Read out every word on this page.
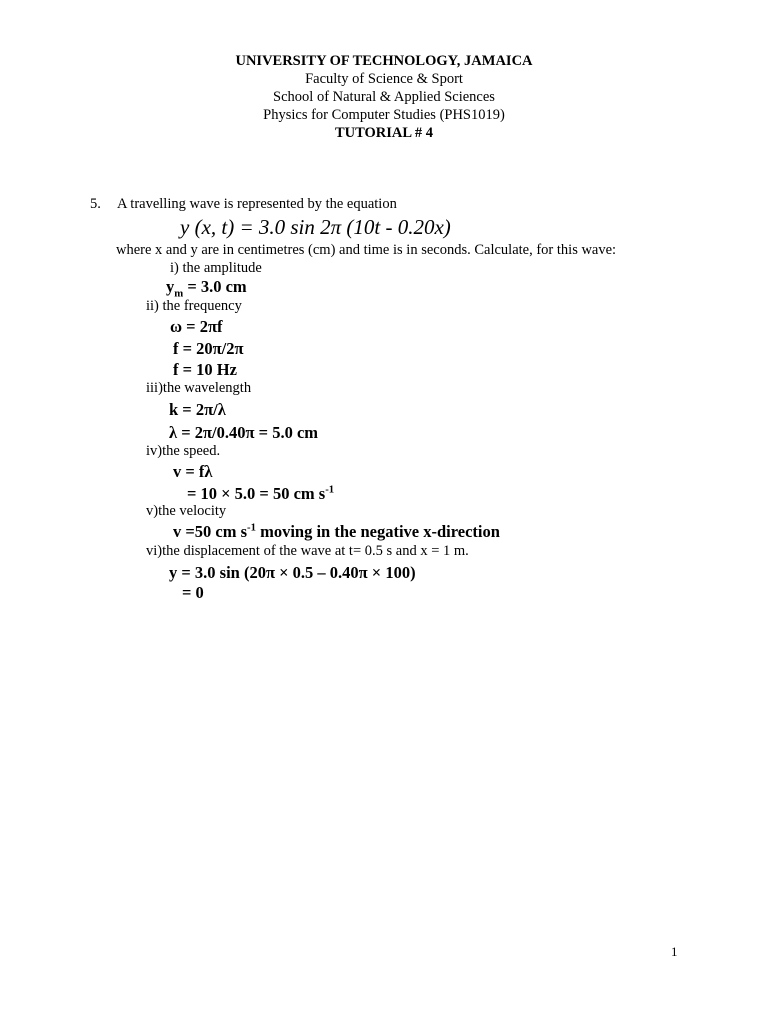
UNIVERSITY OF TECHNOLOGY, JAMAICA
Faculty of Science & Sport
School of Natural & Applied Sciences
Physics for Computer Studies (PHS1019)
TUTORIAL # 4
5. A travelling wave is represented by the equation
y (x, t) = 3.0 sin 2π (10t - 0.20x)
where x and y are in centimetres (cm) and time is in seconds. Calculate, for this wave:
i) the amplitude
$y_m = 3.0$ cm
ii) the frequency
ω = 2πf
f = 20π/2π
f = 10 Hz
iii)the wavelength
k = 2π/λ
λ = 2π/0.40π = 5.0 cm
iv)the speed.
v = fλ
= 10 × 5.0 = 50 cm $s^{-1}$
v)the velocity
v =50 cm $s^{-1}$ moving in the negative x-direction
vi)the displacement of the wave at t= 0.5 s and x = 1 m.
y = 3.0 sin (20π × 0.5 – 0.40π × 100)
= 0
1
